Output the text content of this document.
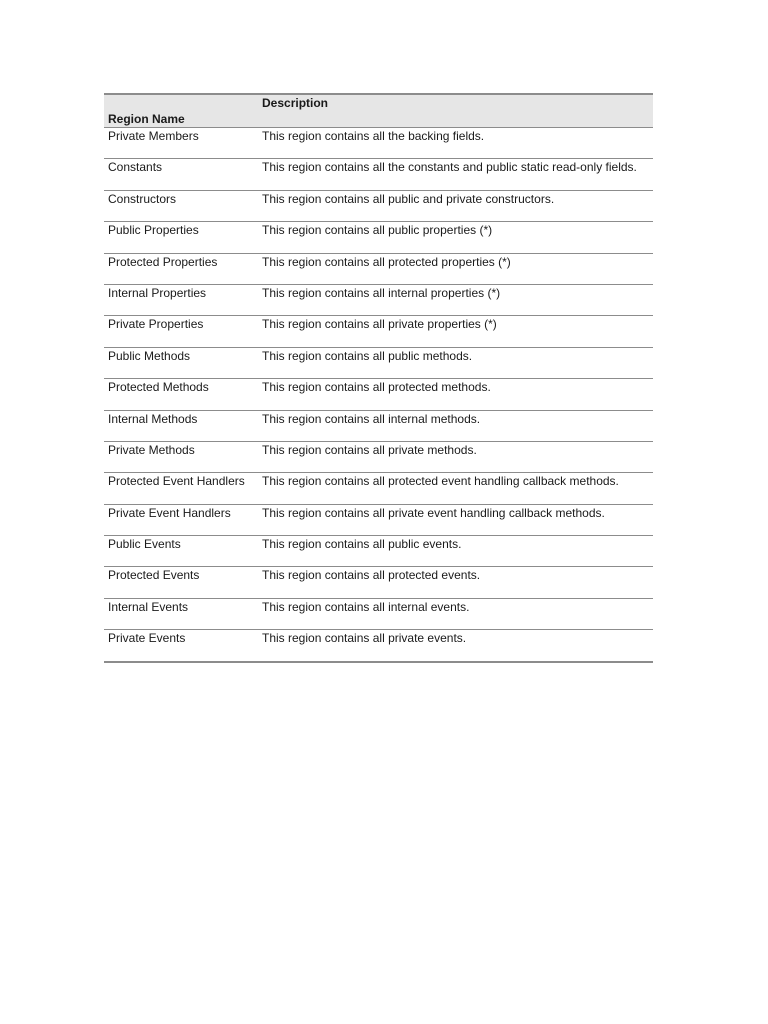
Region Name	Description
Private Members	This region contains all the backing fields.
Constants	This region contains all the constants and public static read-only fields.
Constructors	This region contains all public and private constructors.
Public Properties	This region contains all public properties (*)
Protected Properties	This region contains all protected properties (*)
Internal Properties	This region contains all internal properties (*)
Private Properties	This region contains all private properties (*)
Public Methods	This region contains all public methods.
Protected Methods	This region contains all protected methods.
Internal Methods	This region contains all internal methods.
Private Methods	This region contains all private methods.
Protected Event Handlers	This region contains all protected event handling callback methods.
Private Event Handlers	This region contains all private event handling callback methods.
Public Events	This region contains all public events.
Protected Events	This region contains all protected events.
Internal Events	This region contains all internal events.
Private Events	This region contains all private events.
